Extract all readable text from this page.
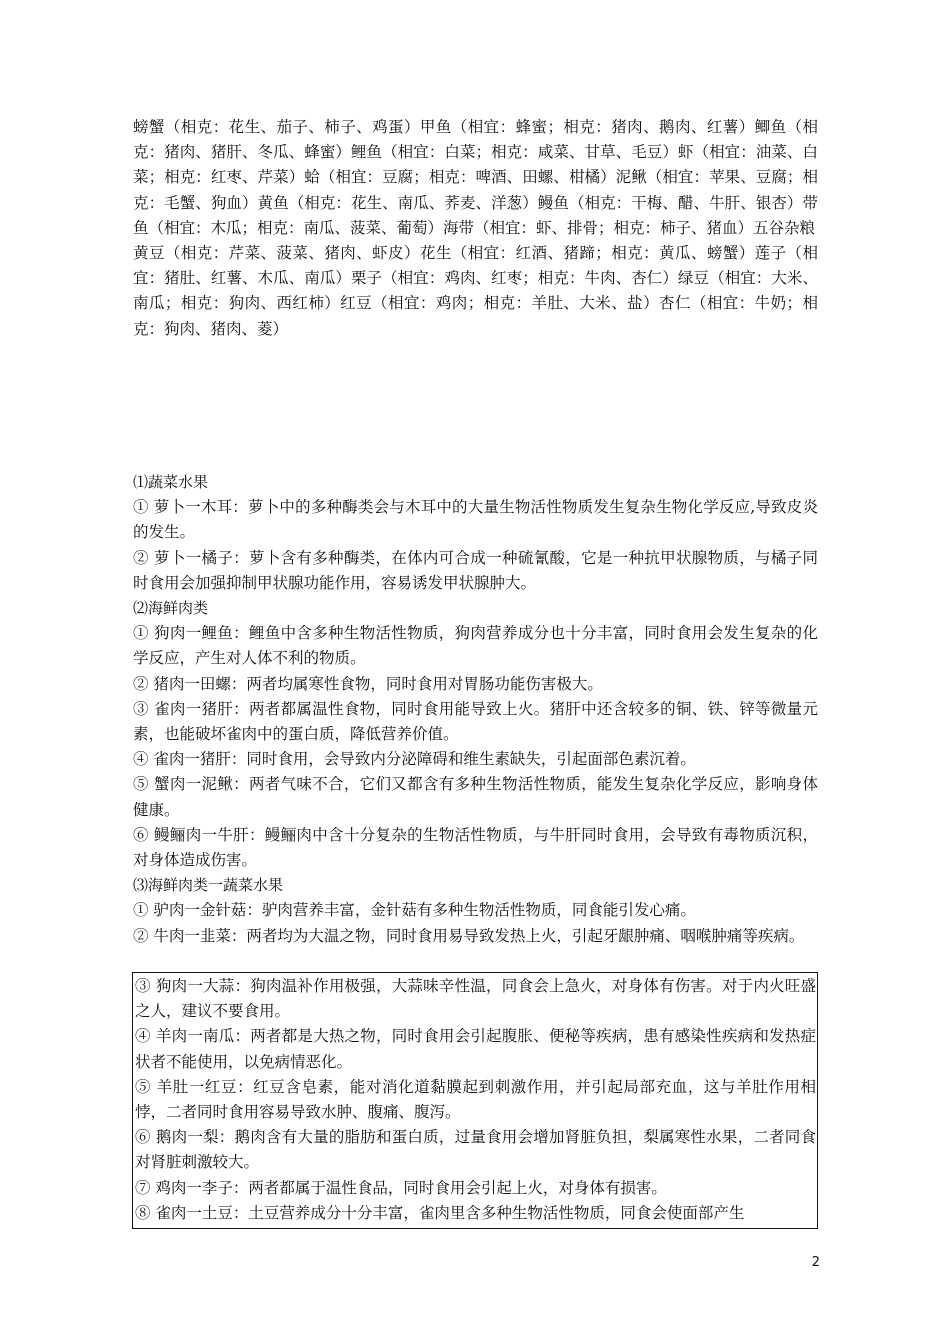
螃蟹（相克：花生、茄子、柿子、鸡蛋）甲鱼（相宜：蜂蜜；相克：猪肉、鹅肉、红薯）鲫鱼（相克：猪肉、猪肝、冬瓜、蜂蜜）鲤鱼（相宜：白菜；相克：咸菜、甘草、毛豆）虾（相宜：油菜、白菜；相克：红枣、芹菜）蛤（相宜：豆腐；相克：啤酒、田螺、柑橘）泥鳅（相宜：苹果、豆腐；相克：毛蟹、狗血）黄鱼（相克：花生、南瓜、荞麦、洋葱）鳗鱼（相克：干梅、醋、牛肝、银杏）带鱼（相宜：木瓜；相克：南瓜、菠菜、葡萄）海带（相宜：虾、排骨；相克：柿子、猪血）五谷杂粮

黄豆（相克：芹菜、菠菜、猪肉、虾皮）花生（相宜：红酒、猪蹄；相克：黄瓜、螃蟹）莲子（相宜：猪肚、红薯、木瓜、南瓜）栗子（相宜：鸡肉、红枣；相克：牛肉、杏仁）绿豆（相宜：大米、南瓜；相克：狗肉、西红柿）红豆（相宜：鸡肉；相克：羊肚、大米、盐）杏仁（相宜：牛奶；相克：狗肉、猪肉、菱）

⑴蔬菜水果

① 萝卜一木耳：萝卜中的多种酶类会与木耳中的大量生物活性物质发生复杂生物化学反应,导致皮炎的发生。

② 萝卜一橘子：萝卜含有多种酶类，在体内可合成一种硫氰酸，它是一种抗甲状腺物质，与橘子同时食用会加强抑制甲状腺功能作用，容易诱发甲状腺肿大。

⑵海鲜肉类

① 狗肉一鲤鱼：鲤鱼中含多种生物活性物质，狗肉营养成分也十分丰富，同时食用会发生复杂的化学反应，产生对人体不利的物质。

② 猪肉一田螺：两者均属寒性食物，同时食用对胃肠功能伤害极大。

③ 雀肉一猪肝：两者都属温性食物，同时食用能导致上火。猪肝中还含较多的铜、铁、锌等微量元素，也能破坏雀肉中的蛋白质，降低营养价值。

④ 雀肉一猪肝：同时食用，会导致内分泌障碍和维生素缺失，引起面部色素沉着。

⑤ 蟹肉一泥鳅：两者气味不合，它们又都含有多种生物活性物质，能发生复杂化学反应，影响身体健康。

⑥ 鳗鲡肉一牛肝：鳗鲡肉中含十分复杂的生物活性物质，与牛肝同时食用，会导致有毒物质沉积，对身体造成伤害。

⑶海鲜肉类一蔬菜水果

① 驴肉一金针菇：驴肉营养丰富，金针菇有多种生物活性物质，同食能引发心痛。

② 牛肉一韭菜：两者均为大温之物，同时食用易导致发热上火，引起牙龈肿痛、咽喉肿痛等疾病。

③ 狗肉一大蒜：狗肉温补作用极强，大蒜味辛性温，同食会上急火，对身体有伤害。对于内火旺盛之人，建议不要食用。

④ 羊肉一南瓜：两者都是大热之物，同时食用会引起腹胀、便秘等疾病，患有感染性疾病和发热症状者不能使用，以免病情恶化。

⑤ 羊肚一红豆：红豆含皂素，能对消化道黏膜起到刺激作用，并引起局部充血，这与羊肚作用相悖，二者同时食用容易导致水肿、腹痛、腹泻。

⑥ 鹅肉一梨：鹅肉含有大量的脂肪和蛋白质，过量食用会增加肾脏负担，梨属寒性水果，二者同食对肾脏刺激较大。

⑦ 鸡肉一李子：两者都属于温性食品，同时食用会引起上火，对身体有损害。

⑧ 雀肉一土豆：土豆营养成分十分丰富，雀肉里含多种生物活性物质，同食会使面部产生

2
